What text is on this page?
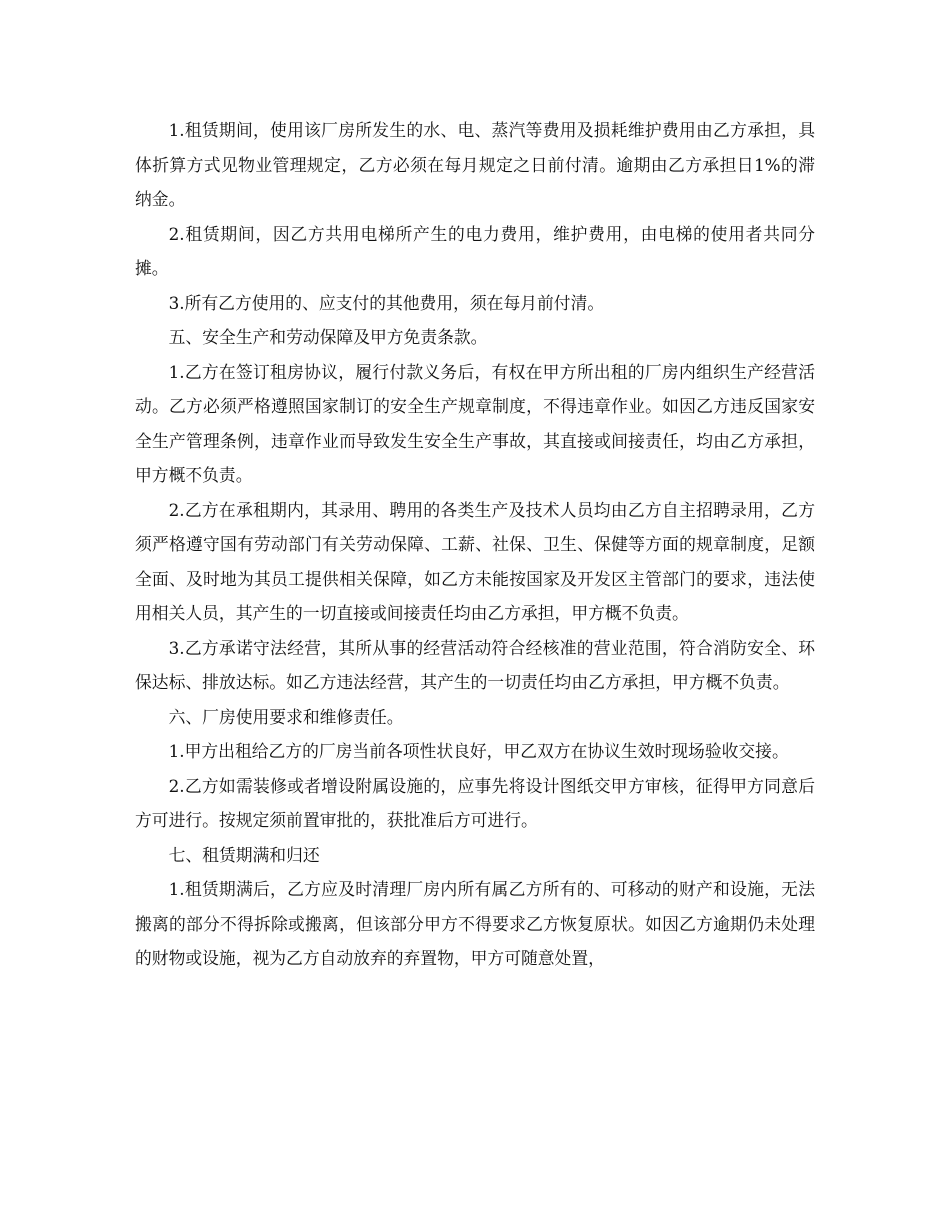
1.租赁期间，使用该厂房所发生的水、电、蒸汽等费用及损耗维护费用由乙方承担，具体折算方式见物业管理规定，乙方必须在每月规定之日前付清。逾期由乙方承担日1%的滞纳金。

2.租赁期间，因乙方共用电梯所产生的电力费用，维护费用，由电梯的使用者共同分摊。

3.所有乙方使用的、应支付的其他费用，须在每月前付清。

五、安全生产和劳动保障及甲方免责条款。

1.乙方在签订租房协议，履行付款义务后，有权在甲方所出租的厂房内组织生产经营活动。乙方必须严格遵照国家制订的安全生产规章制度，不得违章作业。如因乙方违反国家安全生产管理条例，违章作业而导致发生安全生产事故，其直接或间接责任，均由乙方承担，甲方概不负责。

2.乙方在承租期内，其录用、聘用的各类生产及技术人员均由乙方自主招聘录用，乙方须严格遵守国有劳动部门有关劳动保障、工薪、社保、卫生、保健等方面的规章制度，足额全面、及时地为其员工提供相关保障，如乙方未能按国家及开发区主管部门的要求，违法使用相关人员，其产生的一切直接或间接责任均由乙方承担，甲方概不负责。

3.乙方承诺守法经营，其所从事的经营活动符合经核准的营业范围，符合消防安全、环保达标、排放达标。如乙方违法经营，其产生的一切责任均由乙方承担，甲方概不负责。

六、厂房使用要求和维修责任。

1.甲方出租给乙方的厂房当前各项性状良好，甲乙双方在协议生效时现场验收交接。

2.乙方如需装修或者增设附属设施的，应事先将设计图纸交甲方审核，征得甲方同意后方可进行。按规定须前置审批的，获批准后方可进行。

七、租赁期满和归还

1.租赁期满后，乙方应及时清理厂房内所有属乙方所有的、可移动的财产和设施，无法搬离的部分不得拆除或搬离，但该部分甲方不得要求乙方恢复原状。如因乙方逾期仍未处理的财物或设施，视为乙方自动放弃的弃置物，甲方可随意处置，
